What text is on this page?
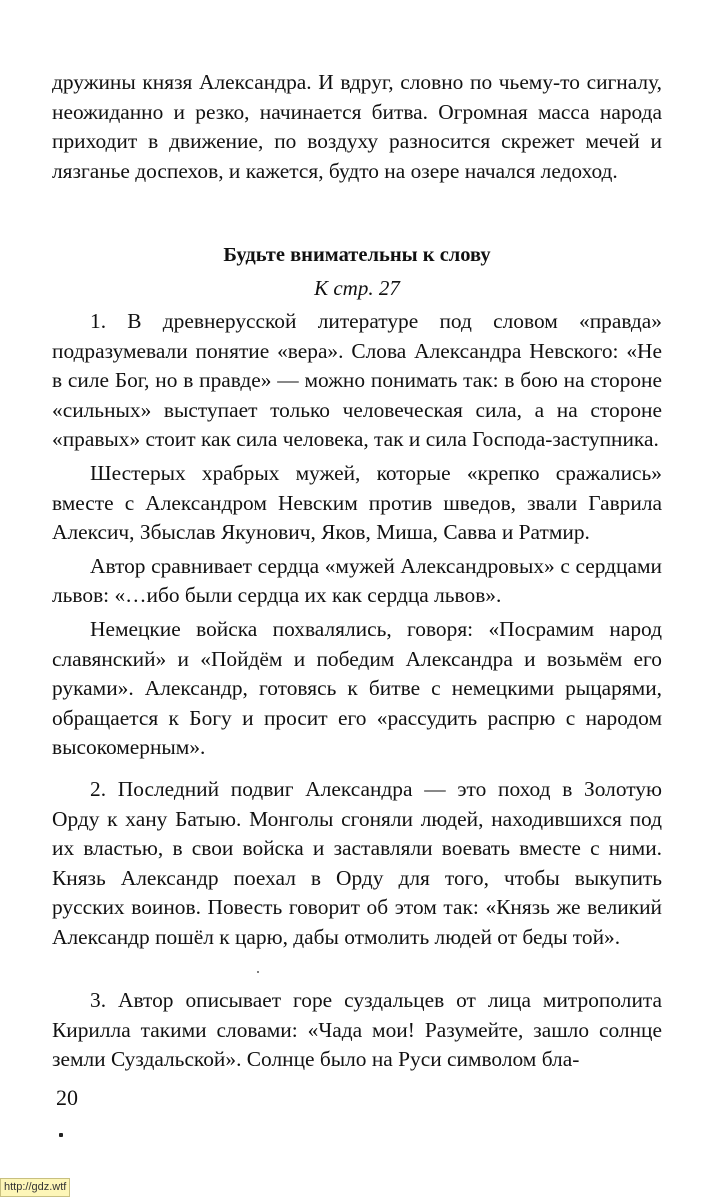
дружины князя Александра. И вдруг, словно по чьему-то сигналу, неожиданно и резко, начинается битва. Огромная масса народа приходит в движение, по воздуху разносится скрежет мечей и лязганье доспехов, и кажется, будто на озере начался ледоход.

Будьте внимательны к слову

К стр. 27

1. В древнерусской литературе под словом «правда» подразумевали понятие «вера». Слова Александра Невского: «Не в силе Бог, но в правде» — можно понимать так: в бою на стороне «сильных» выступает только человеческая сила, а на стороне «правых» стоит как сила человека, так и сила Господа-заступника.

Шестерых храбрых мужей, которые «крепко сражались» вместе с Александром Невским против шведов, звали Гаврила Алексич, Збыслав Якунович, Яков, Миша, Савва и Ратмир.

Автор сравнивает сердца «мужей Александровых» с сердцами львов: «…ибо были сердца их как сердца львов».

Немецкие войска похвалялись, говоря: «Посрамим народ славянский» и «Пойдём и победим Александра и возьмём его руками». Александр, готовясь к битве с немецкими рыцарями, обращается к Богу и просит его «рассудить распрю с народом высокомерным».

2. Последний подвиг Александра — это поход в Золотую Орду к хану Батыю. Монголы сгоняли людей, находившихся под их властью, в свои войска и заставляли воевать вместе с ними. Князь Александр поехал в Орду для того, чтобы выкупить русских воинов. Повесть говорит об этом так: «Князь же великий Александр пошёл к царю, дабы отмолить людей от беды той».

3. Автор описывает горе суздальцев от лица митрополита Кирилла такими словами: «Чада мои! Разумейте, зашло солнце земли Суздальской». Солнце было на Руси символом бла-

20

http://gdz.wtf
